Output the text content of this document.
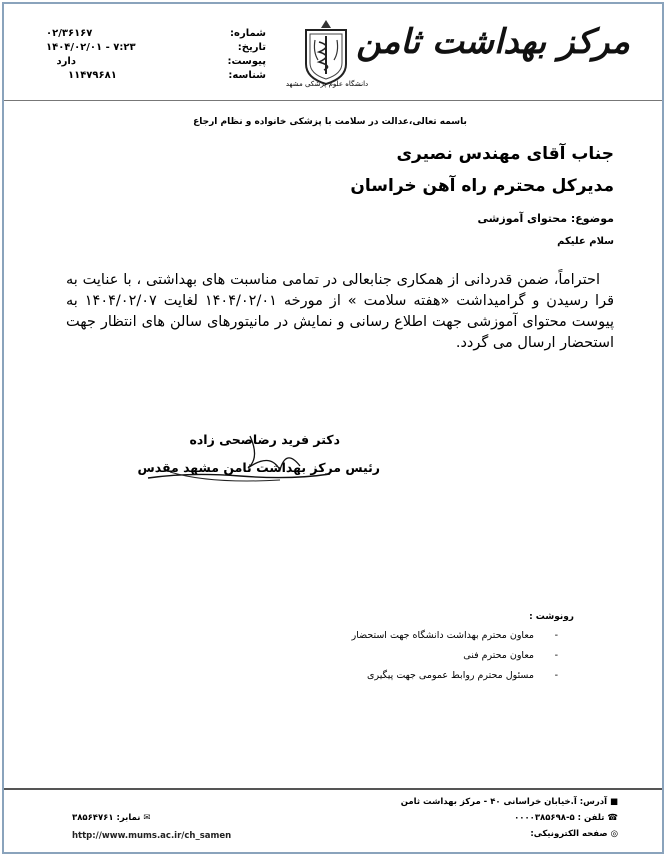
مرکز بهداشت ثامن
دانشگاه علوم پزشکی مشهد
۰۲/۳۶۱۶۷	شماره:
۱۴۰۴/۰۲/۰۱ - ۷:۲۳	تاریخ:
دارد	پیوست:
۱۱۴۷۹۶۸۱	شناسه:
باسمه تعالی،عدالت در سلامت با پزشکی خانواده و نظام ارجاع
جناب آقای مهندس نصیری
مدیرکل محترم راه آهن خراسان
موضوع: محتوای آموزشی
سلام علیکم
احتراماً، ضمن قدردانی از همکاری جنابعالی در تمامی مناسبت های بهداشتی ، با عنایت به قرا رسیدن و گرامیداشت «هفته سلامت » از مورخه ۱۴۰۴/۰۲/۰۱ لغایت ۱۴۰۴/۰۲/۰۷ به پیوست محتوای آموزشی جهت اطلاع رسانی و نمایش در مانیتورهای سالن های انتظار جهت استحضار ارسال می گردد.
دکتر فرید رضاصحی زاده
رئیس مرکز بهداشت ثامن مشهد مقدس
رونوشت :
-معاون محترم بهداشت دانشگاه جهت استحضار
-معاون محترم فنی
-مسئول محترم روابط عمومی جهت پیگیری
■ آدرس: آ.خیابان خراسانی ۴۰ - مرکز بهداشت ثامن
☎ تلفن : ۵-۰۰۰۰۳۸۵۶۹۸
◎ صفحه الکترونیکی:
✉ نمابر: ۳۸۵۶۴۷۶۱
http://www.mums.ac.ir/ch_samen
